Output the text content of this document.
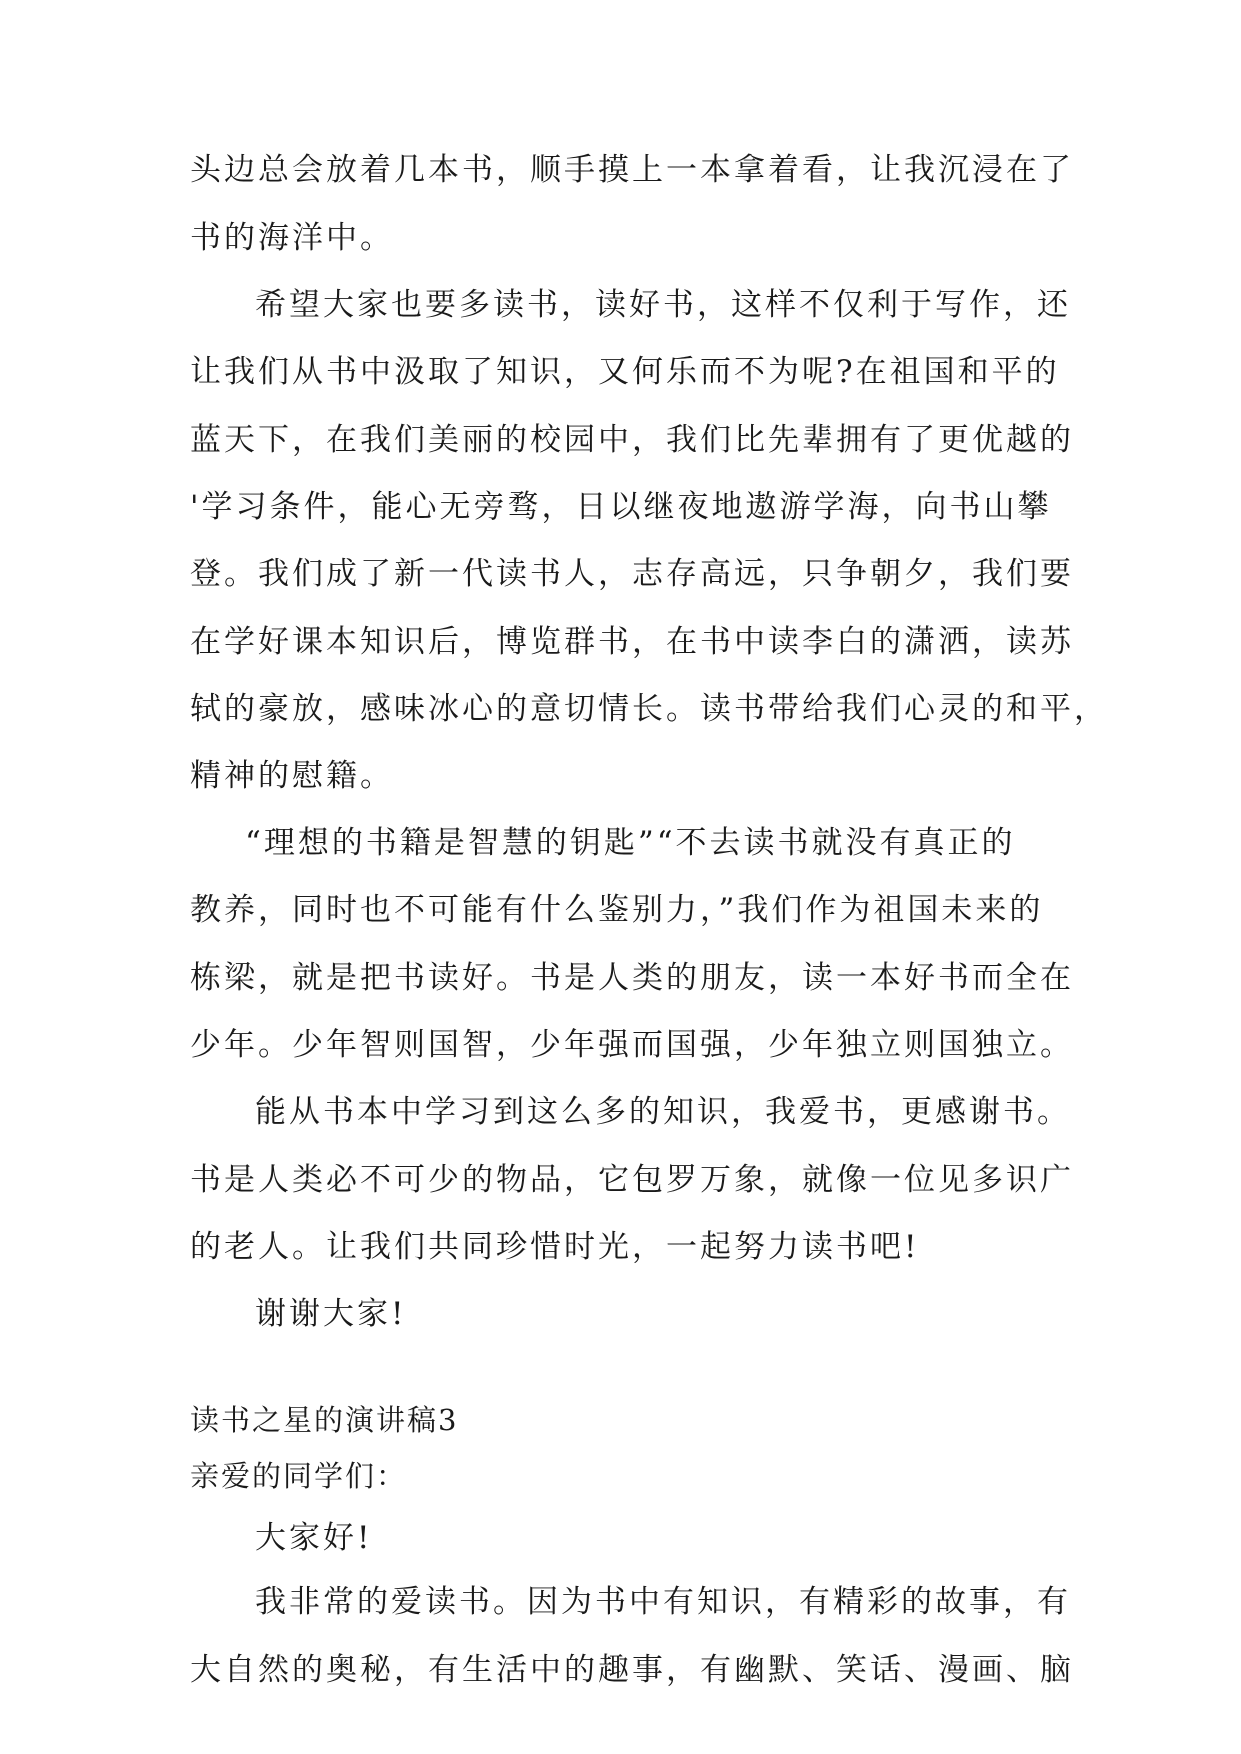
头边总会放着几本书，顺手摸上一本拿着看，让我沉浸在了
书的海洋中。
希望大家也要多读书，读好书，这样不仅利于写作，还
让我们从书中汲取了知识，又何乐而不为呢?在祖国和平的
蓝天下，在我们美丽的校园中，我们比先辈拥有了更优越的
'学习条件，能心无旁骛，日以继夜地遨游学海，向书山攀
登。我们成了新一代读书人，志存高远，只争朝夕，我们要
在学好课本知识后，博览群书，在书中读李白的潇洒，读苏
轼的豪放，感味冰心的意切情长。读书带给我们心灵的和平，
精神的慰籍。
“理想的书籍是智慧的钥匙”“不去读书就没有真正的
教养，同时也不可能有什么鉴别力，”我们作为祖国未来的
栋梁，就是把书读好。书是人类的朋友，读一本好书而全在
少年。少年智则国智，少年强而国强，少年独立则国独立。
能从书本中学习到这么多的知识，我爱书，更感谢书。
书是人类必不可少的物品，它包罗万象，就像一位见多识广
的老人。让我们共同珍惜时光，一起努力读书吧!
谢谢大家!
读书之星的演讲稿3
亲爱的同学们：
大家好!
我非常的爱读书。因为书中有知识，有精彩的故事，有
大自然的奥秘，有生活中的趣事，有幽默、笑话、漫画、脑
